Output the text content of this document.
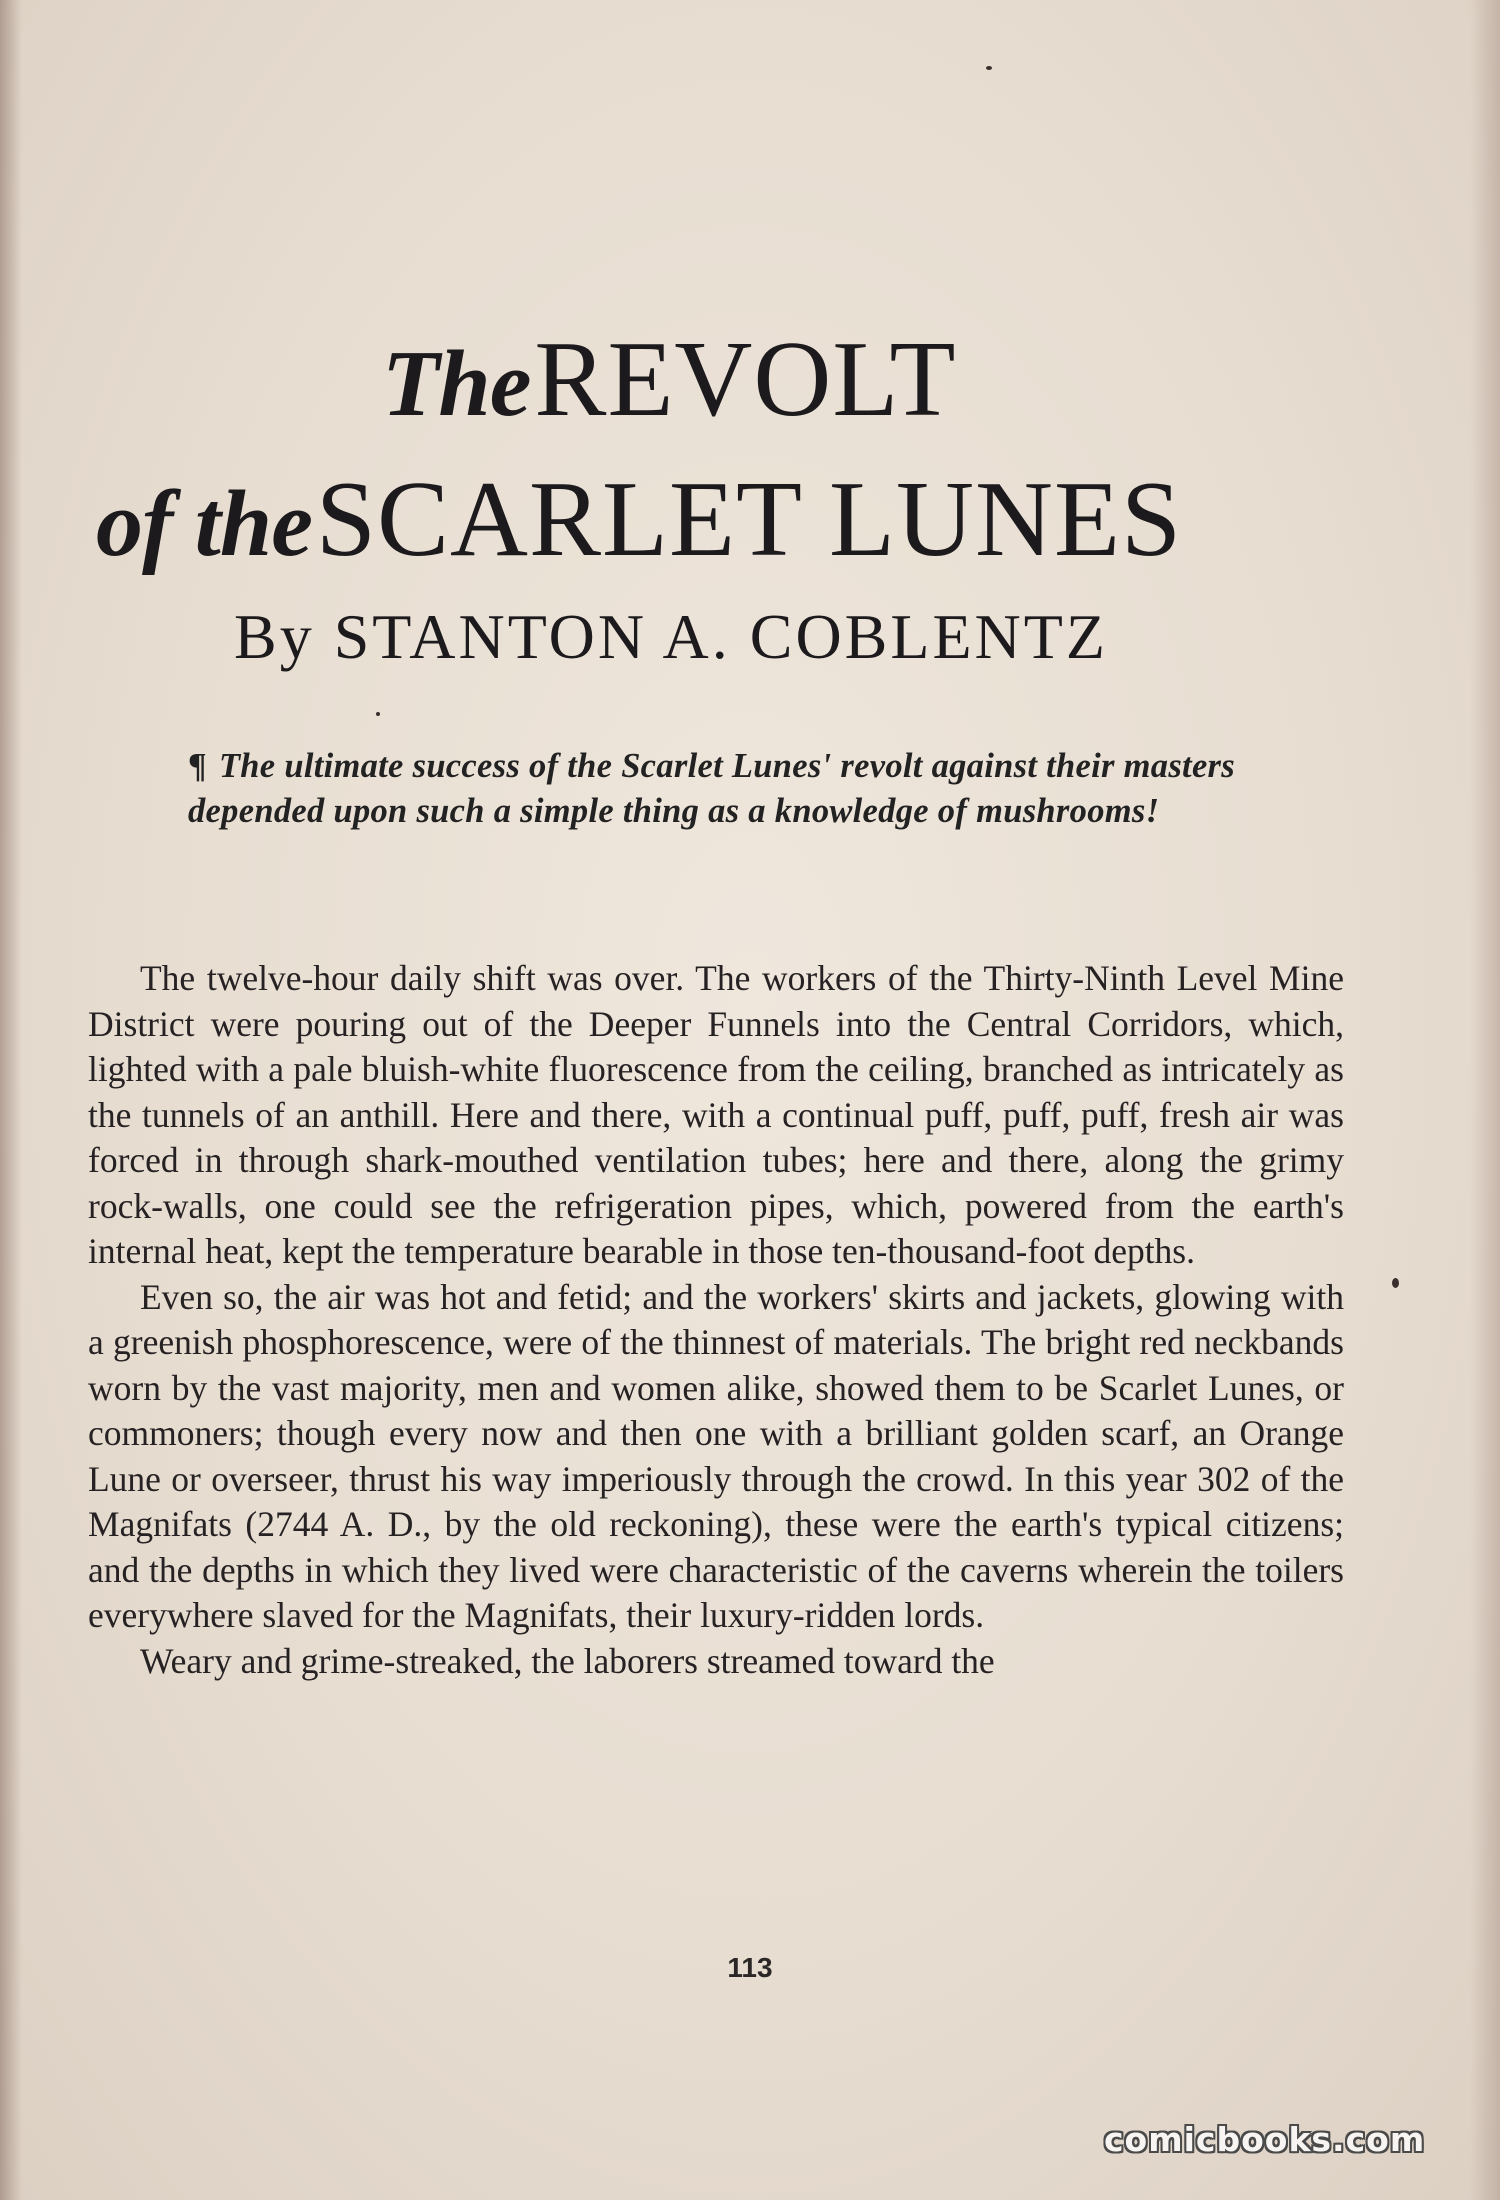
The REVOLT
of the SCARLET LUNES
By STANTON A. COBLENTZ
¶ The ultimate success of the Scarlet Lunes' revolt against their masters depended upon such a simple thing as a knowledge of mushrooms!

The twelve-hour daily shift was over. The workers of the Thirty-Ninth Level Mine District were pouring out of the Deeper Funnels into the Central Corridors, which, lighted with a pale bluish-white fluorescence from the ceiling, branched as intricately as the tunnels of an anthill. Here and there, with a continual puff, puff, puff, fresh air was forced in through shark-mouthed ventilation tubes; here and there, along the grimy rock-walls, one could see the refrigeration pipes, which, powered from the earth's internal heat, kept the temperature bearable in those ten-thousand-foot depths.

Even so, the air was hot and fetid; and the workers' skirts and jackets, glowing with a greenish phosphorescence, were of the thinnest of materials. The bright red neckbands worn by the vast majority, men and women alike, showed them to be Scarlet Lunes, or commoners; though every now and then one with a brilliant golden scarf, an Orange Lune or overseer, thrust his way imperiously through the crowd. In this year 302 of the Magnifats (2744 A. D., by the old reckoning), these were the earth's typical citizens; and the depths in which they lived were characteristic of the caverns wherein the toilers everywhere slaved for the Magnifats, their luxury-ridden lords.

Weary and grime-streaked, the laborers streamed toward the

113
comicbooks.com
